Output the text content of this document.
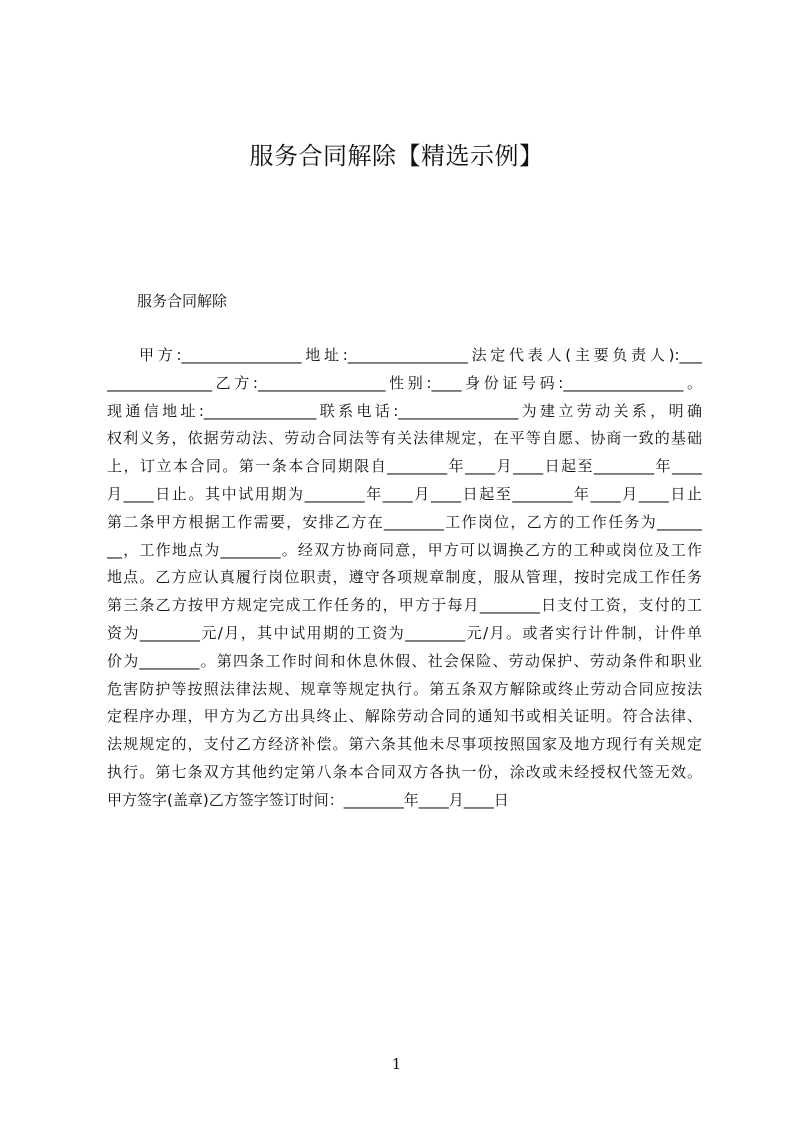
服务合同解除【精选示例】

服务合同解除

甲方:________________地址:________________法定代表人(主要负责人):___
______________乙方:_________________性别:____身份证号码:________________。
现通信地址:_______________联系电话:________________为建立劳动关系，明确
权利义务，依据劳动法、劳动合同法等有关法律规定，在平等自愿、协商一致的基础
上，订立本合同。第一条本合同期限自________年____月____日起至________年____
月____日止。其中试用期为________年____月____日起至________年____月____日止
第二条甲方根据工作需要，安排乙方在________工作岗位，乙方的工作任务为______
__，工作地点为________。经双方协商同意，甲方可以调换乙方的工种或岗位及工作
地点。乙方应认真履行岗位职责，遵守各项规章制度，服从管理，按时完成工作任务
第三条乙方按甲方规定完成工作任务的，甲方于每月________日支付工资，支付的工
资为________元/月，其中试用期的工资为________元/月。或者实行计件制，计件单
价为________。第四条工作时间和休息休假、社会保险、劳动保护、劳动条件和职业
危害防护等按照法律法规、规章等规定执行。第五条双方解除或终止劳动合同应按法
定程序办理，甲方为乙方出具终止、解除劳动合同的通知书或相关证明。符合法律、
法规规定的，支付乙方经济补偿。第六条其他未尽事项按照国家及地方现行有关规定
执行。第七条双方其他约定第八条本合同双方各执一份，涂改或未经授权代签无效。
甲方签字(盖章)乙方签字签订时间：________年____月____日

1
